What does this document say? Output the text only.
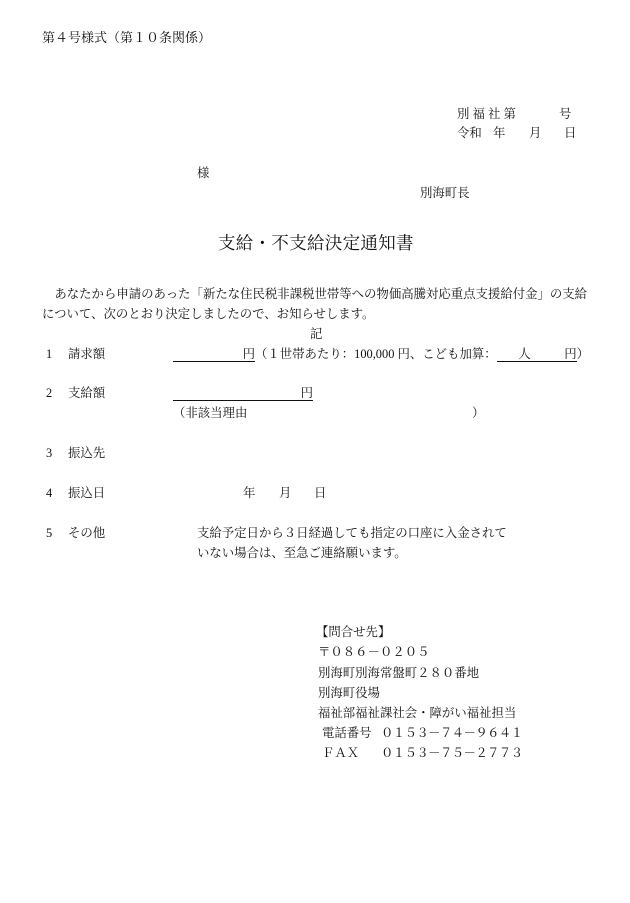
第４号様式（第１０条関係）
別 福 社 第	号
令和 年 月 日
様
別海町長
支給・不支給決定通知書
　あなたから申請のあった「新たな住民税非課税世帯等への物価高騰対応重点支援給付金」の支給
について、次のとおり決定しましたので、お知らせします。
記
1 請求額	円（１世帯あたり：100,000 円、こども加算： 人	円）
2 支給額	円
（非該当理由	）
3 振込先
4 振込日	年 月 日
5 その他	支給予定日から３日経過しても指定の口座に入金されて
いない場合は、至急ご連絡願います。
【問合せ先】
〒０８６－０２０５
別海町別海常盤町２８０番地
別海町役場
福祉部福祉課社会・障がい福祉担当
電話番号 ０１５３－７４－９６４１
ＦＡＸ ０１５３－７５－２７７３
